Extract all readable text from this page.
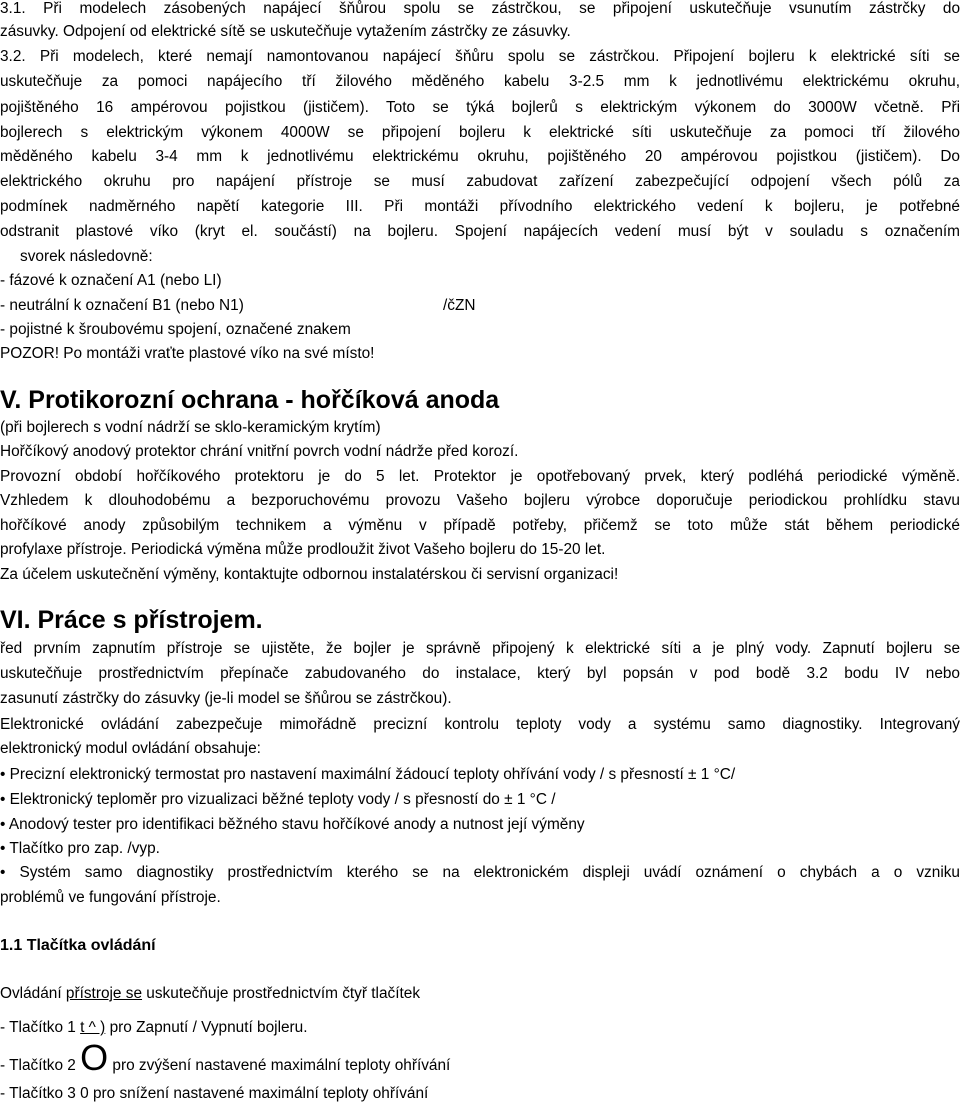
3.1. Při modelech zásobených napájecí šňůrou spolu se zástrčkou, se připojení uskutečňuje vsunutím zástrčky do
zásuvky. Odpojení od elektrické sítě se uskutečňuje vytažením zástrčky ze zásuvky.
3.2. Při modelech, které nemají namontovanou napájecí šňůru spolu se zástrčkou. Připojení bojleru k elektrické síti se
uskutečňuje za pomoci napájecího tří žilového měděného kabelu 3-2.5 mm k jednotlivému elektrickému okruhu,
pojištěného 16 ampérovou pojistkou (jističem). Toto se týká bojlerů s elektrickým výkonem do 3000W včetně. Při
bojlerech s elektrickým výkonem 4000W se připojení bojleru k elektrické síti uskutečňuje za pomoci tří žilového
měděného kabelu 3-4 mm k jednotlivému elektrickému okruhu, pojištěného 20 ampérovou pojistkou (jističem). Do
elektrického okruhu pro napájení přístroje se musí zabudovat zařízení zabezpečující odpojení všech pólů za
podmínek nadměrného napětí kategorie III. Při montáži přívodního elektrického vedení k bojleru, je potřebné
odstranit plastové víko (kryt el. součástí) na bojleru. Spojení napájecích vedení musí být v souladu s označením
svorek následovně:
- fázové k označení A1 (nebo LI)
- neutrální k označení B1 (nebo N1)	/čZN
- pojistné k šroubovému spojení, označené znakem
POZOR! Po montáži vraťte plastové víko na své místo!
V. Protikorozní ochrana - hořčíková anoda
(při bojlerech s vodní nádrží se sklo-keramickým krytím)
Hořčíkový anodový protektor chrání vnitřní povrch vodní nádrže před korozí.
Provozní období hořčíkového protektoru je do 5 let. Protektor je opotřebovaný prvek, který podléhá periodické výměně.
Vzhledem k dlouhodobému a bezporuchovému provozu Vašeho bojleru výrobce doporučuje periodickou prohlídku stavu
hořčíkové anody způsobilým technikem a výměnu v případě potřeby, přičemž se toto může stát během periodické
profylaxe přístroje. Periodická výměna může prodloužit život Vašeho bojleru do 15-20 let.
Za účelem uskutečnění výměny, kontaktujte odbornou instalatérskou či servisní organizaci!
VI. Práce s přístrojem.
řed prvním zapnutím přístroje se ujistěte, že bojler je správně připojený k elektrické síti a je plný vody. Zapnutí bojleru se
uskutečňuje prostřednictvím přepínače zabudovaného do instalace, který byl popsán v pod bodě 3.2 bodu IV nebo
zasunutí zástrčky do zásuvky (je-li model se šňůrou se zástrčkou).
Elektronické ovládání zabezpečuje mimořádně precizní kontrolu teploty vody a systému samo diagnostiky. Integrovaný
elektronický modul ovládání obsahuje:
• Precizní elektronický termostat pro nastavení maximální žádoucí teploty ohřívání vody / s přesností ± 1 °C/
• Elektronický teploměr pro vizualizaci běžné teploty vody / s přesností do ± 1 °C /
• Anodový tester pro identifikaci běžného stavu hořčíkové anody a nutnost její výměny
• Tlačítko pro zap. /vyp.
• Systém samo diagnostiky prostřednictvím kterého se na elektronickém displeji uvádí oznámení o chybách a o vzniku
problémů ve fungování přístroje.
1.1 Tlačítka ovládání
Ovládání přístroje se uskutečňuje prostřednictvím čtyř tlačítek
- Tlačítko 1 t ^ ) pro Zapnutí / Vypnutí bojleru.
- Tlačítko 2 O pro zvýšení nastavené maximální teploty ohřívání
- Tlačítko 3 0 pro snížení nastavené maximální teploty ohřívání
